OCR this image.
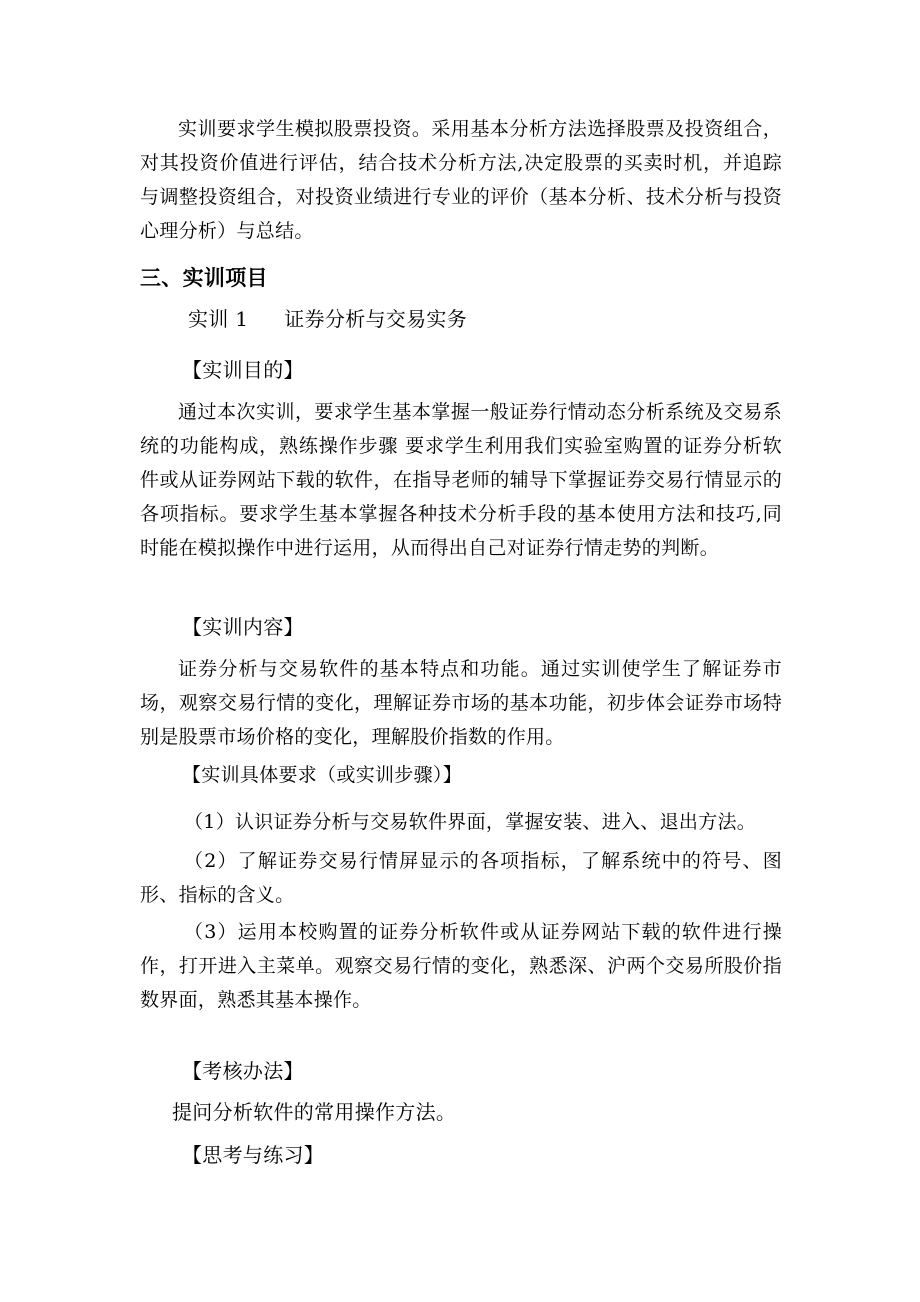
实训要求学生模拟股票投资。采用基本分析方法选择股票及投资组合，对其投资价值进行评估，结合技术分析方法,决定股票的买卖时机，并追踪与调整投资组合，对投资业绩进行专业的评价（基本分析、技术分析与投资心理分析）与总结。

三、实训项目
实训 1 证券分析与交易实务
【实训目的】

通过本次实训，要求学生基本掌握一般证券行情动态分析系统及交易系统的功能构成，熟练操作步骤 要求学生利用我们实验室购置的证券分析软件或从证券网站下载的软件，在指导老师的辅导下掌握证券交易行情显示的各项指标。要求学生基本掌握各种技术分析手段的基本使用方法和技巧,同时能在模拟操作中进行运用，从而得出自己对证券行情走势的判断。

【实训内容】

证券分析与交易软件的基本特点和功能。通过实训使学生了解证券市场，观察交易行情的变化，理解证券市场的基本功能，初步体会证券市场特别是股票市场价格的变化，理解股价指数的作用。

【实训具体要求（或实训步骤）】

（1）认识证券分析与交易软件界面，掌握安装、进入、退出方法。

（2）了解证券交易行情屏显示的各项指标，了解系统中的符号、图形、指标的含义。

（3）运用本校购置的证券分析软件或从证券网站下载的软件进行操作，打开进入主菜单。观察交易行情的变化，熟悉深、沪两个交易所股价指数界面，熟悉其基本操作。

【考核办法】
提问分析软件的常用操作方法。
【思考与练习】
